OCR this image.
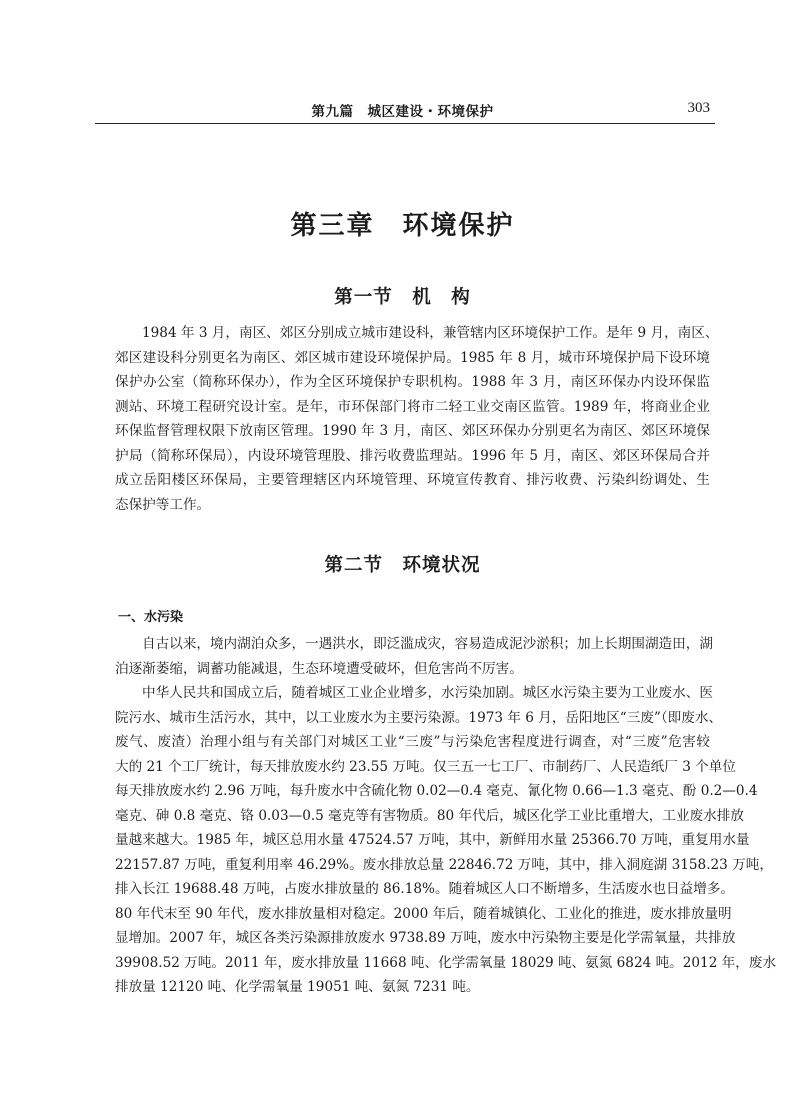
第九篇　城区建设・环境保护	303
第三章　环境保护
第一节　机　构
1984 年 3 月，南区、郊区分别成立城市建设科，兼管辖内区环境保护工作。是年 9 月，南区、
郊区建设科分别更名为南区、郊区城市建设环境保护局。1985 年 8 月，城市环境保护局下设环境
保护办公室（简称环保办），作为全区环境保护专职机构。1988 年 3 月，南区环保办内设环保监
测站、环境工程研究设计室。是年，市环保部门将市二轻工业交南区监管。1989 年，将商业企业
环保监督管理权限下放南区管理。1990 年 3 月，南区、郊区环保办分别更名为南区、郊区环境保
护局（简称环保局），内设环境管理股、排污收费监理站。1996 年 5 月，南区、郊区环保局合并
成立岳阳楼区环保局，主要管理辖区内环境管理、环境宣传教育、排污收费、污染纠纷调处、生
态保护等工作。
第二节　环境状况
一、水污染
自古以来，境内湖泊众多，一遇洪水，即泛滥成灾，容易造成泥沙淤积；加上长期围湖造田，湖
泊逐渐萎缩，调蓄功能减退，生态环境遭受破坏，但危害尚不厉害。
中华人民共和国成立后，随着城区工业企业增多，水污染加剧。城区水污染主要为工业废水、医
院污水、城市生活污水，其中，以工业废水为主要污染源。1973 年 6 月，岳阳地区“三废”（即废水、
废气、废渣）治理小组与有关部门对城区工业“三废”与污染危害程度进行调查，对“三废”危害较
大的 21 个工厂统计，每天排放废水约 23.55 万吨。仅三五一七工厂、市制药厂、人民造纸厂 3 个单位
每天排放废水约 2.96 万吨，每升废水中含硫化物 0.02—0.4 毫克、氰化物 0.66—1.3 毫克、酚 0.2—0.4
毫克、砷 0.8 毫克、铬 0.03—0.5 毫克等有害物质。80 年代后，城区化学工业比重增大，工业废水排放
量越来越大。1985 年，城区总用水量 47524.57 万吨，其中，新鲜用水量 25366.70 万吨，重复用水量
22157.87 万吨，重复利用率 46.29%。废水排放总量 22846.72 万吨，其中，排入洞庭湖 3158.23 万吨，
排入长江 19688.48 万吨，占废水排放量的 86.18%。随着城区人口不断增多，生活废水也日益增多。
80 年代末至 90 年代，废水排放量相对稳定。2000 年后，随着城镇化、工业化的推进，废水排放量明
显增加。2007 年，城区各类污染源排放废水 9738.89 万吨，废水中污染物主要是化学需氧量，共排放
39908.52 万吨。2011 年，废水排放量 11668 吨、化学需氧量 18029 吨、氨氮 6824 吨。2012 年，废水
排放量 12120 吨、化学需氧量 19051 吨、氨氮 7231 吨。
